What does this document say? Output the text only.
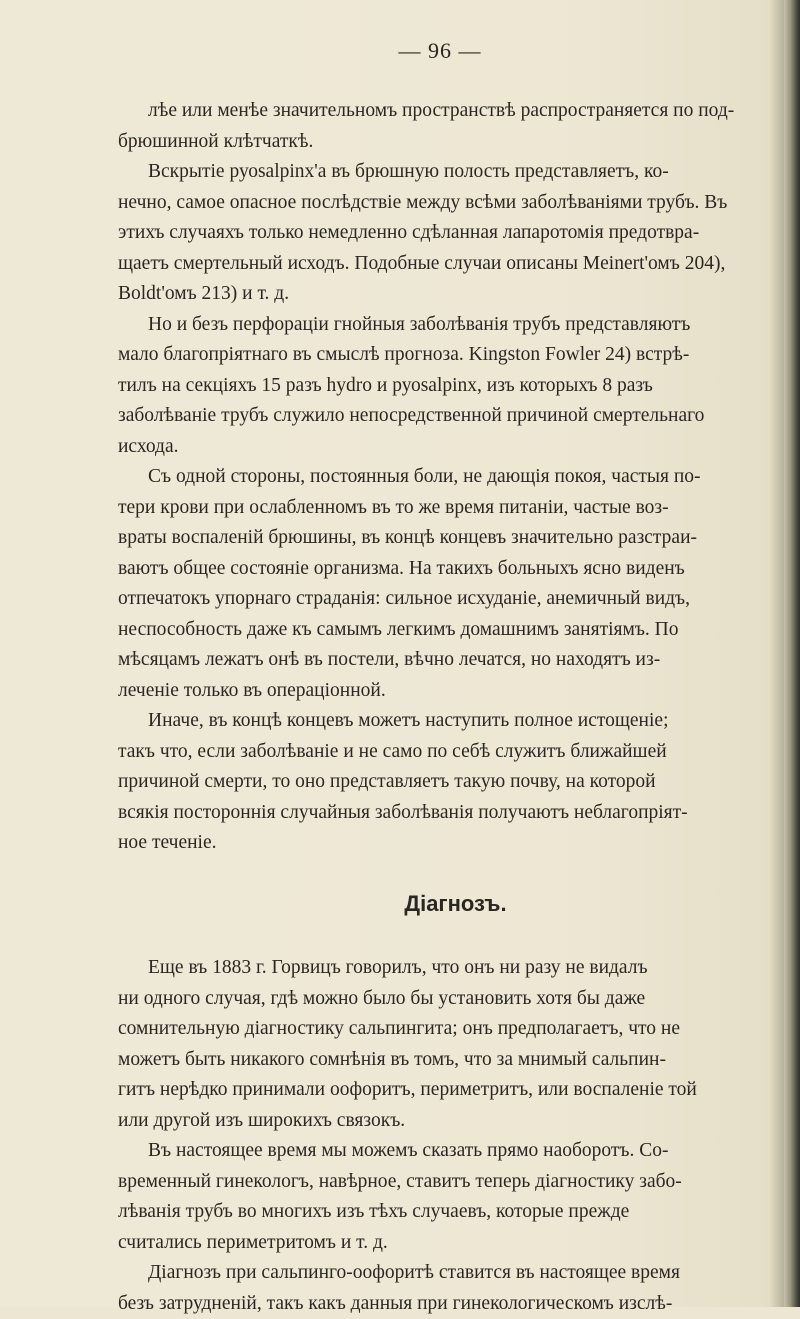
— 96 —

лѣе или менѣе значительномъ пространствѣ распространяется по под-
брюшинной клѣтчаткѣ.

Вскрытіе руоsalpinx'а въ брюшную полость представляетъ, ко-
нечно, самое опасное послѣдствіе между всѣми заболѣваніями трубъ. Въ
этихъ случаяхъ только немедленно сдѣланная лапаротомія предотвра-
щаетъ смертельный исходъ. Подобные случаи описаны Meinert'омъ 204),
Boldt'омъ 213) и т. д.

Но и безъ перфораціи гнойныя заболѣванія трубъ представляютъ
мало благопріятнаго въ смыслѣ прогноза. Kingston Fowler 24) встрѣ-
тилъ на секціяхъ 15 разъ hydro и руоsalpinx, изъ которыхъ 8 разъ
заболѣваніе трубъ служило непосредственной причиной смертельнаго
исхода.

Съ одной стороны, постоянныя боли, не дающія покоя, частыя по-
тери крови при ослабленномъ въ то же время питаніи, частые воз-
враты воспаленій брюшины, въ концѣ концевъ значительно разстраи-
ваютъ общее состояніе организма. На такихъ больныхъ ясно виденъ
отпечатокъ упорнаго страданія: сильное исхуданіе, анемичный видъ,
неспособность даже къ самымъ легкимъ домашнимъ занятіямъ. По
мѣсяцамъ лежатъ онѣ въ постели, вѣчно лечатся, но находятъ из-
леченіе только въ операціонной.

Иначе, въ концѣ концевъ можетъ наступить полное истощеніе;
такъ что, если заболѣваніе и не само по себѣ служитъ ближайшей
причиной смерти, то оно представляетъ такую почву, на которой
всякія постороннія случайныя заболѣванія получаютъ неблагопріят-
ное теченіе.

Діагнозъ.

Еще въ 1883 г. Горвицъ говорилъ, что онъ ни разу не видалъ
ни одного случая, гдѣ можно было бы установить хотя бы даже
сомнительную діагностику сальпингита; онъ предполагаетъ, что не
можетъ быть никакого сомнѣнія въ томъ, что за мнимый сальпин-
гитъ нерѣдко принимали оофоритъ, периметритъ, или воспаленіе той
или другой изъ широкихъ связокъ.

Въ настоящее время мы можемъ сказать прямо наоборотъ. Со-
временный гинекологъ, навѣрное, ставитъ теперь діагностику забо-
лѣванія трубъ во многихъ изъ тѣхъ случаевъ, которые прежде
считались периметритомъ и т. д.

Діагнозъ при сальпинго-оофоритѣ ставится въ настоящее время
безъ затрудненій, такъ какъ данныя при гинекологическомъ изслѣ-
